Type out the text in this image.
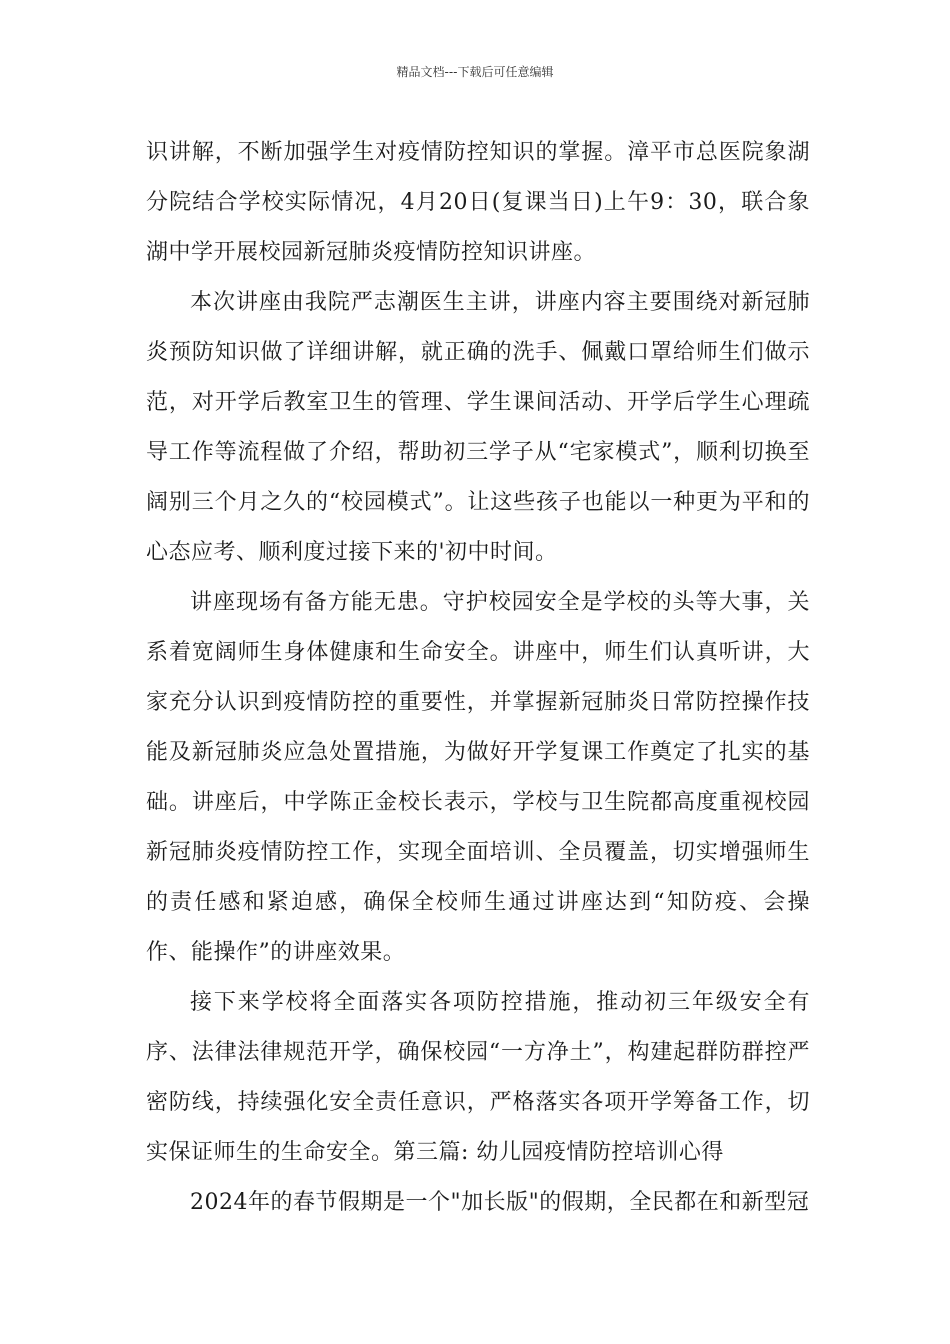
精品文档---下载后可任意编辑

识讲解，不断加强学生对疫情防控知识的掌握。漳平市总医院象湖分院结合学校实际情况，4月20日(复课当日)上午9：30，联合象湖中学开展校园新冠肺炎疫情防控知识讲座。

本次讲座由我院严志潮医生主讲，讲座内容主要围绕对新冠肺炎预防知识做了详细讲解，就正确的洗手、佩戴口罩给师生们做示范，对开学后教室卫生的管理、学生课间活动、开学后学生心理疏导工作等流程做了介绍，帮助初三学子从“宅家模式”，顺利切换至阔别三个月之久的“校园模式”。让这些孩子也能以一种更为平和的心态应考、顺利度过接下来的'初中时间。

讲座现场有备方能无患。守护校园安全是学校的头等大事，关系着宽阔师生身体健康和生命安全。讲座中，师生们认真听讲，大家充分认识到疫情防控的重要性，并掌握新冠肺炎日常防控操作技能及新冠肺炎应急处置措施，为做好开学复课工作奠定了扎实的基础。讲座后，中学陈正金校长表示，学校与卫生院都高度重视校园新冠肺炎疫情防控工作，实现全面培训、全员覆盖，切实增强师生的责任感和紧迫感，确保全校师生通过讲座达到“知防疫、会操作、能操作”的讲座效果。

接下来学校将全面落实各项防控措施，推动初三年级安全有序、法律法律规范开学，确保校园“一方净土”，构建起群防群控严密防线，持续强化安全责任意识，严格落实各项开学筹备工作，切实保证师生的生命安全。第三篇: 幼儿园疫情防控培训心得

2024年的春节假期是一个"加长版"的假期，全民都在和新型冠
